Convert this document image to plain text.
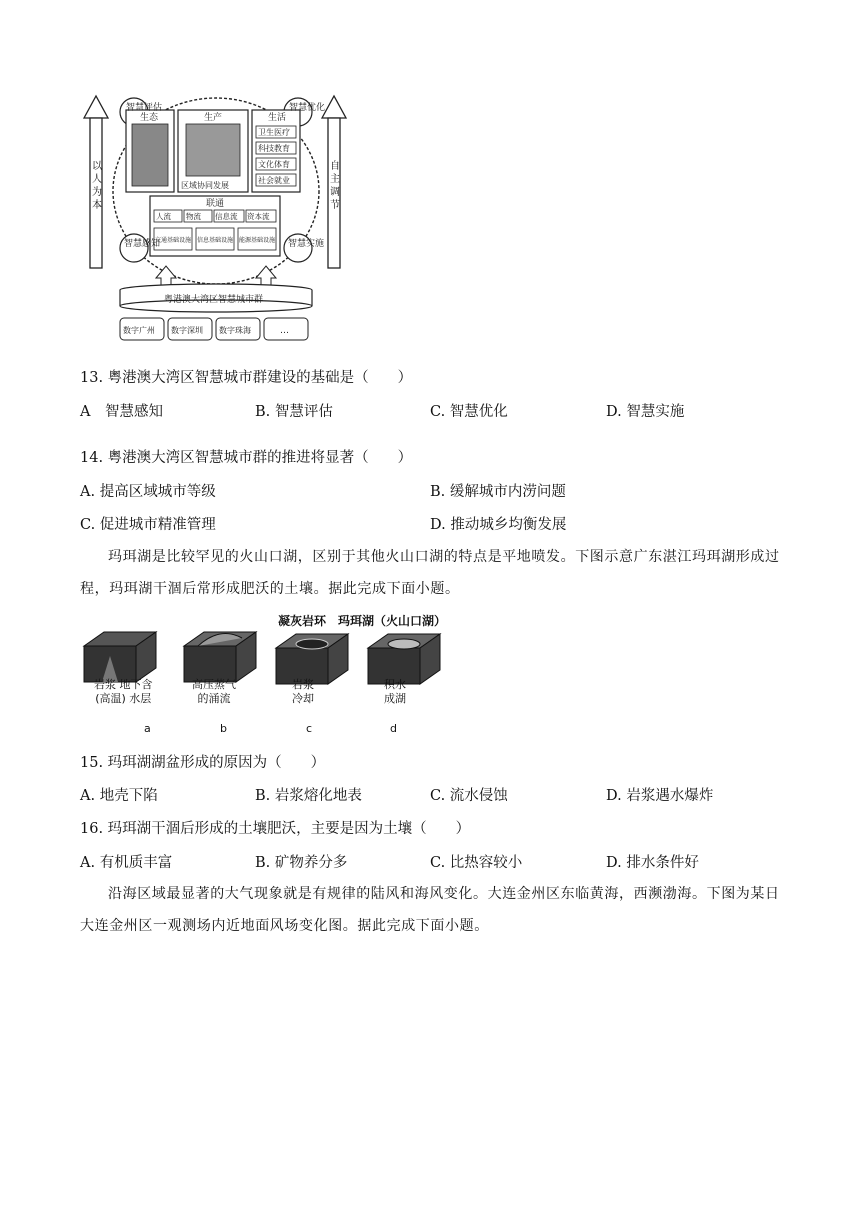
智慧评估	智慧优化
智慧感知	智慧实施
生态	生产	生活
区域协同发展
卫生医疗
科技教育
文化体育
社会就业
联通
人流 物流 信息流 资本流
交通基础设施 信息基础设施 能源基础设施
粤港澳大湾区智慧城市群
数字广州 数字深圳 数字珠海	…
以人为本
自主调节
13. 粤港澳大湾区智慧城市群建设的基础是（　　）
A　智慧感知	B. 智慧评估	C. 智慧优化	D. 智慧实施
14. 粤港澳大湾区智慧城市群的推进将显著（　　）
A. 提高区域城市等级	B. 缓解城市内涝问题
C. 促进城市精准管理	D. 推动城乡均衡发展
玛珥湖是比较罕见的火山口湖，区别于其他火山口湖的特点是平地喷发。下图示意广东湛江玛珥湖形成过程，玛珥湖干涸后常形成肥沃的土壤。据此完成下面小题。
凝灰岩环　玛珥湖（火山口湖）
岩浆 地下含
(高温) 水层
高压蒸气
的涌流
岩浆
冷却
积水
成湖
a	b	c	d
15. 玛珥湖湖盆形成的原因为（　　）
A. 地壳下陷	B. 岩浆熔化地表	C. 流水侵蚀	D. 岩浆遇水爆炸
16. 玛珥湖干涸后形成的土壤肥沃，主要是因为土壤（　　）
A. 有机质丰富	B. 矿物养分多	C. 比热容较小	D. 排水条件好
沿海区域最显著的大气现象就是有规律的陆风和海风变化。大连金州区东临黄海，西濒渤海。下图为某日大连金州区一观测场内近地面风场变化图。据此完成下面小题。
